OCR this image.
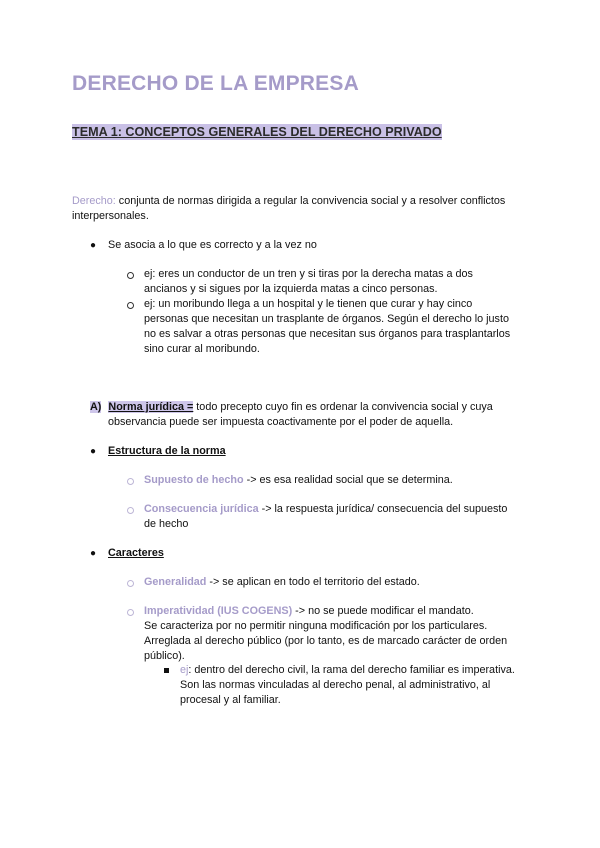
DERECHO DE LA EMPRESA
TEMA 1: CONCEPTOS GENERALES DEL DERECHO PRIVADO
Derecho: conjunta de normas dirigida a regular la convivencia social y a resolver conflictos
interpersonales.
● Se asocia a lo que es correcto y a la vez no
ej: eres un conductor de un tren y si tiras por la derecha matas a dos
ancianos y si sigues por la izquierda matas a cinco personas.
ej: un moribundo llega a un hospital y le tienen que curar y hay cinco
personas que necesitan un trasplante de órganos. Según el derecho lo justo
no es salvar a otras personas que necesitan sus órganos para trasplantarlos
sino curar al moribundo.
A) Norma jurídica = todo precepto cuyo fin es ordenar la convivencia social y cuya
observancia puede ser impuesta coactivamente por el poder de aquella.
● Estructura de la norma
Supuesto de hecho -> es esa realidad social que se determina.
Consecuencia jurídica -> la respuesta jurídica/ consecuencia del supuesto
de hecho
● Caracteres
Generalidad -> se aplican en todo el territorio del estado.
Imperatividad (IUS COGENS) -> no se puede modificar el mandato.
Se caracteriza por no permitir ninguna modificación por los particulares.
Arreglada al derecho público (por lo tanto, es de marcado carácter de orden
público).
ej: dentro del derecho civil, la rama del derecho familiar es imperativa.
Son las normas vinculadas al derecho penal, al administrativo, al
procesal y al familiar.
